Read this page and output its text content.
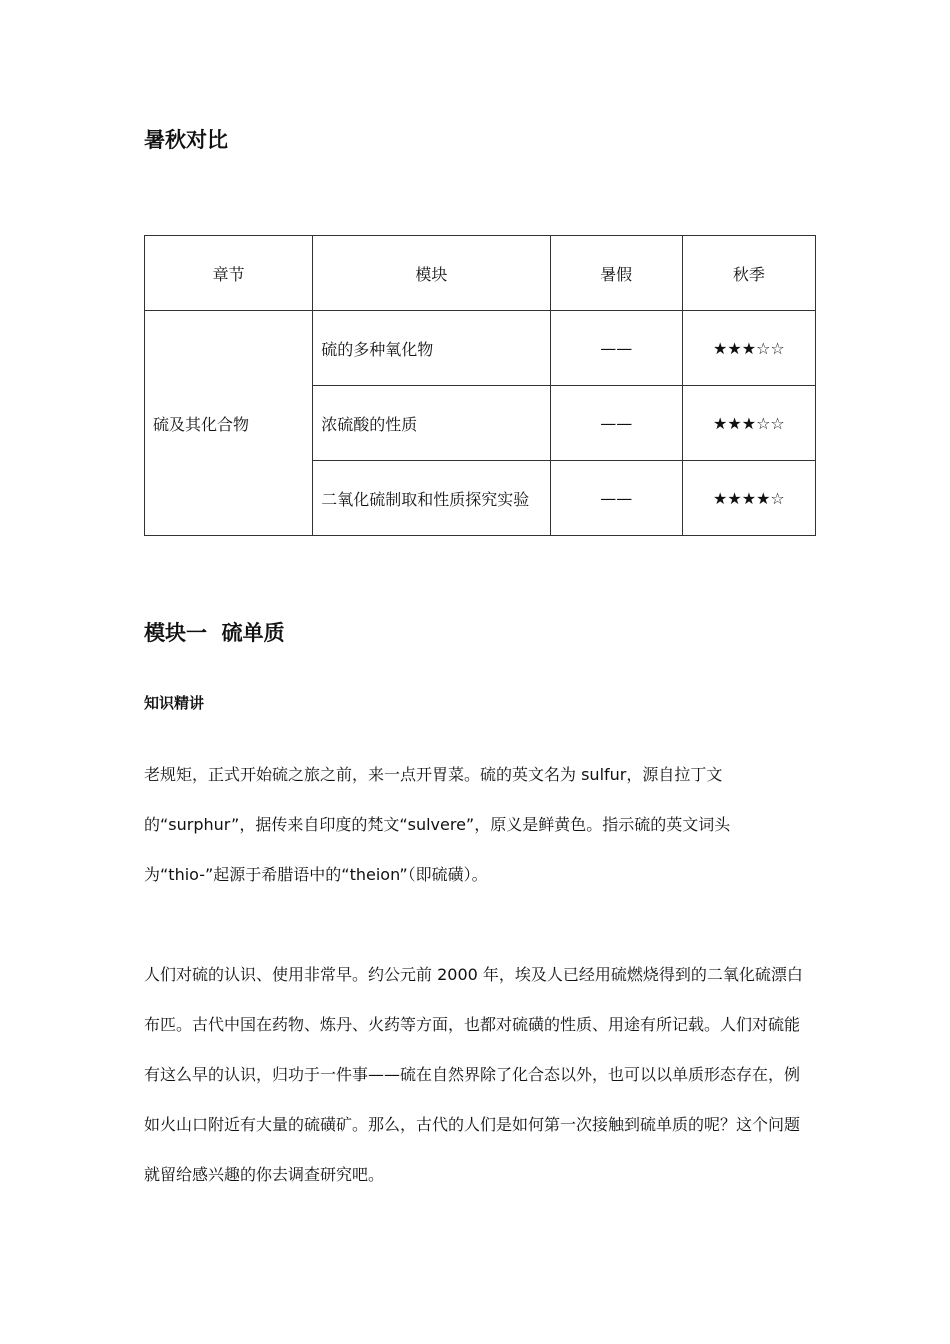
暑秋对比
章节	模块	暑假	秋季
硫及其化合物	硫的多种氧化物	——	★★★☆☆
	浓硫酸的性质	——	★★★☆☆
	二氧化硫制取和性质探究实验	——	★★★★☆
模块一  硫单质
知识精讲

老规矩，正式开始硫之旅之前，来一点开胃菜。硫的英文名为 sulfur，源自拉丁文的“surphur”，据传来自印度的梵文“sulvere”，原义是鲜黄色。指示硫的英文词头为“thio-”起源于希腊语中的“theion”（即硫磺）。

人们对硫的认识、使用非常早。约公元前 2000 年，埃及人已经用硫燃烧得到的二氧化硫漂白布匹。古代中国在药物、炼丹、火药等方面，也都对硫磺的性质、用途有所记载。人们对硫能有这么早的认识，归功于一件事——硫在自然界除了化合态以外，也可以以单质形态存在，例如火山口附近有大量的硫磺矿。那么，古代的人们是如何第一次接触到硫单质的呢？这个问题就留给感兴趣的你去调查研究吧。
